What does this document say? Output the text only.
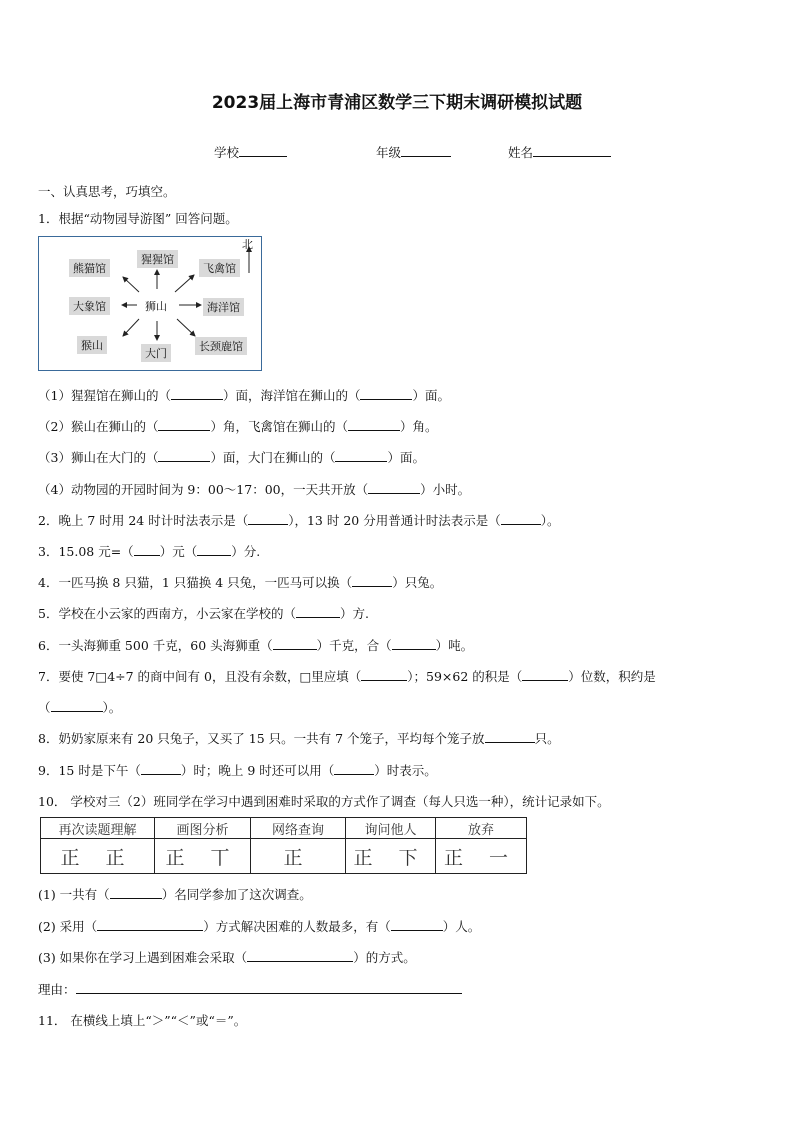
2023届上海市青浦区数学三下期末调研模拟试题
学校	年级	姓名
一、认真思考，巧填空。
1．根据“动物园导游图” 回答问题。
北
狮山
熊猫馆
猩猩馆
飞禽馆
大象馆	海洋馆
猴山
大门
长颈鹿馆
（1）猩猩馆在狮山的（	）面，海洋馆在狮山的（	）面。
（2）猴山在狮山的（	）角，飞禽馆在狮山的（	）角。
（3）狮山在大门的（	）面，大门在狮山的（	）面。
（4）动物园的开园时间为 9：00～17：00，一天共开放（	）小时。
2．晚上 7 时用 24 时计时法表示是（	），13 时 20 分用普通计时法表示是（	）。
3．15.08 元=（ ）元（	）分.
4．一匹马换 8 只猫，1 只猫换 4 只兔，一匹马可以换（	）只兔。
5．学校在小云家的西南方，小云家在学校的（	）方.
6．一头海狮重 500 千克，60 头海狮重（	）千克，合（	）吨。
7．要使 7□4÷7 的商中间有 0，且没有余数，□里应填（	）；59×62 的积是（	）位数，积约是
（	）。
8．奶奶家原来有 20 只兔子，又买了 15 只。一共有 7 个笼子，平均每个笼子放	只。
9．15 时是下午（	）时；晚上 9 时还可以用（	）时表示。
10． 学校对三（2）班同学在学习中遇到困难时采取的方式作了调查（每人只选一种），统计记录如下。
再次读题理解	画图分析	网络查询	询问他人	放弃
正 正	正 丅	正	正 下	正 一
(1) 一共有（	）名同学参加了这次调查。
(2) 采用（	）方式解决困难的人数最多，有（	）人。
(3) 如果你在学习上遇到困难会采取（	）的方式。
理由：
11． 在横线上填上“＞”“＜”或“＝”。
